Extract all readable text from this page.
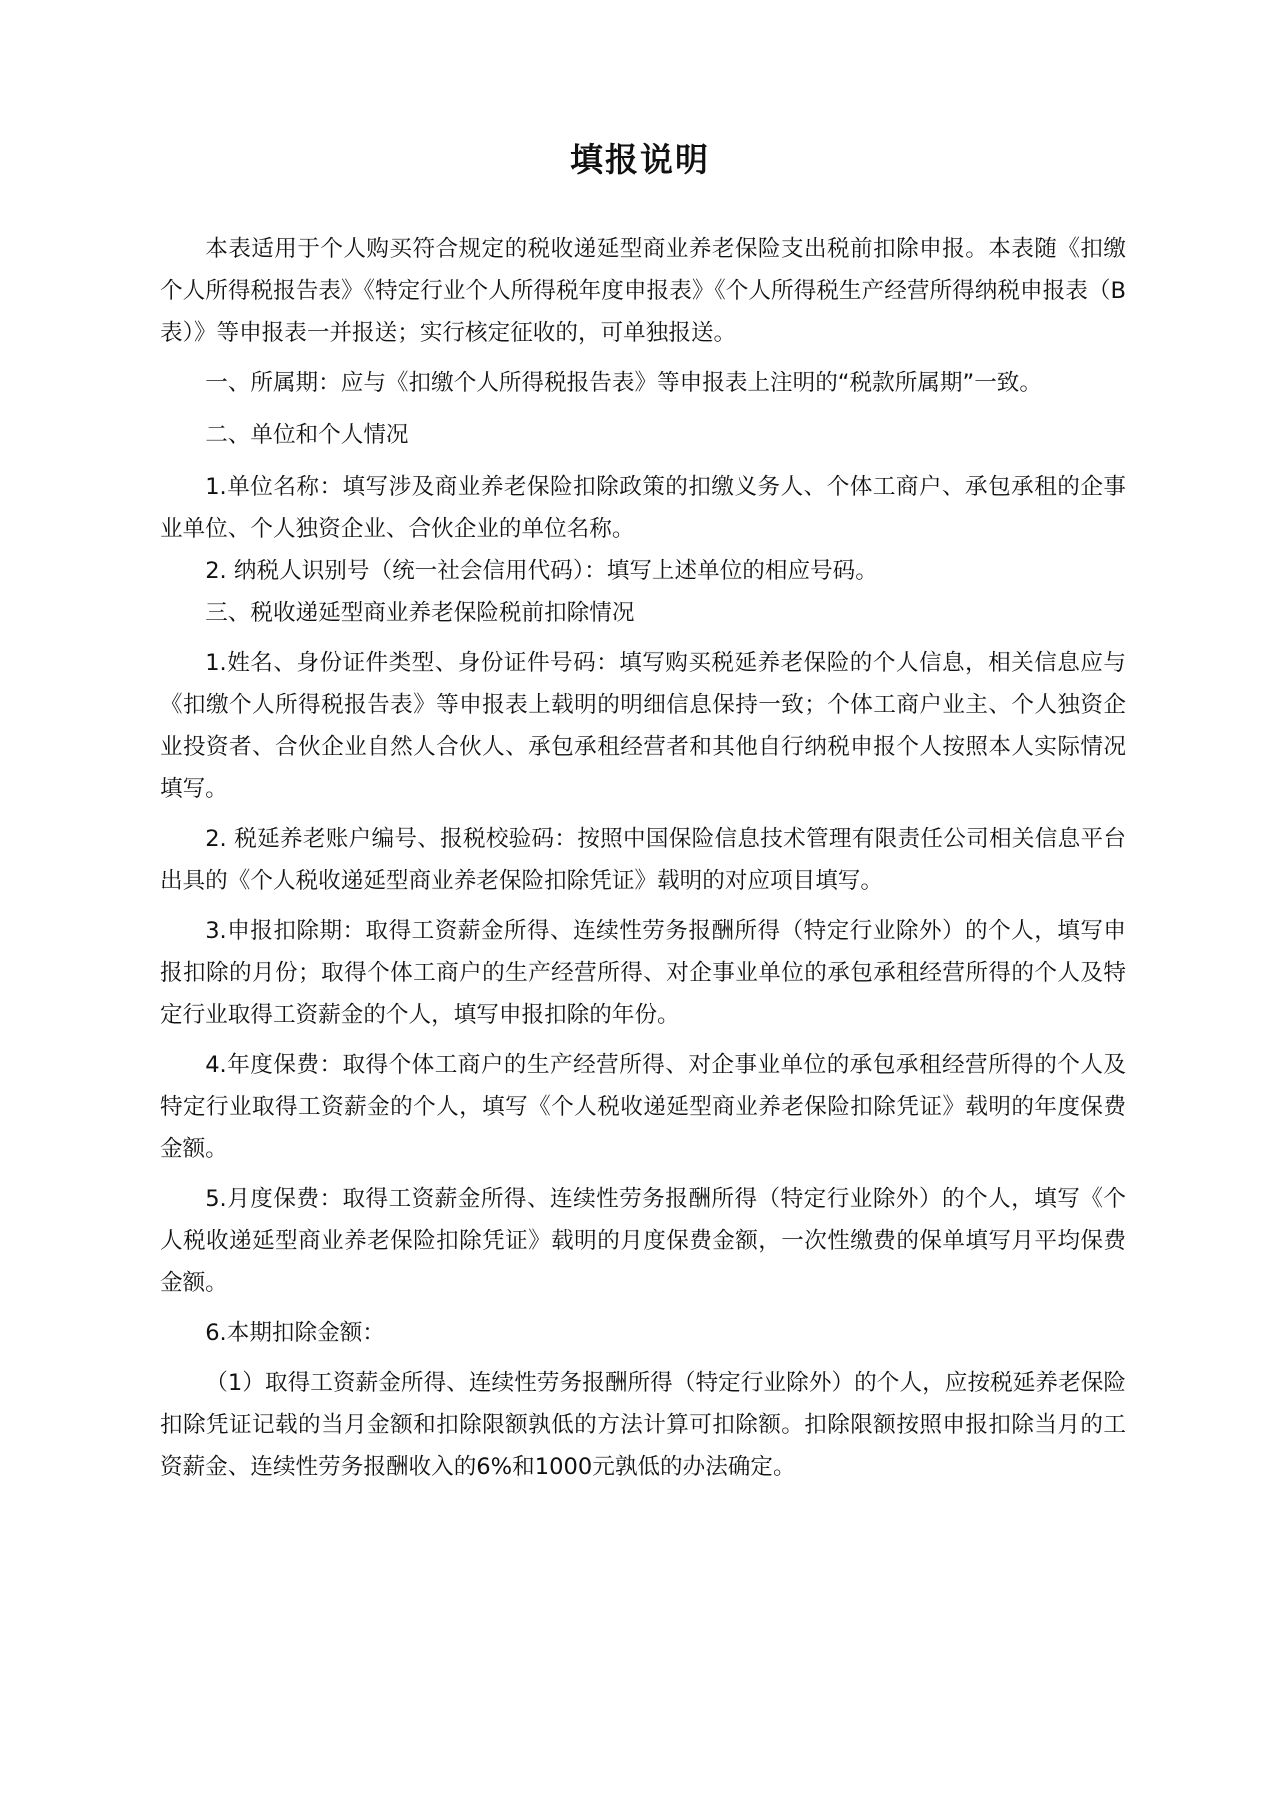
填报说明

本表适用于个人购买符合规定的税收递延型商业养老保险支出税前扣除申报。本表随《扣缴个人所得税报告表》《特定行业个人所得税年度申报表》《个人所得税生产经营所得纳税申报表（B表）》等申报表一并报送；实行核定征收的，可单独报送。

一、所属期：应与《扣缴个人所得税报告表》等申报表上注明的“税款所属期”一致。

二、单位和个人情况

1.单位名称：填写涉及商业养老保险扣除政策的扣缴义务人、个体工商户、承包承租的企事业单位、个人独资企业、合伙企业的单位名称。

2. 纳税人识别号（统一社会信用代码）：填写上述单位的相应号码。

三、税收递延型商业养老保险税前扣除情况

1.姓名、身份证件类型、身份证件号码：填写购买税延养老保险的个人信息，相关信息应与《扣缴个人所得税报告表》等申报表上载明的明细信息保持一致；个体工商户业主、个人独资企业投资者、合伙企业自然人合伙人、承包承租经营者和其他自行纳税申报个人按照本人实际情况填写。

2. 税延养老账户编号、报税校验码：按照中国保险信息技术管理有限责任公司相关信息平台出具的《个人税收递延型商业养老保险扣除凭证》载明的对应项目填写。

3.申报扣除期：取得工资薪金所得、连续性劳务报酬所得（特定行业除外）的个人，填写申报扣除的月份；取得个体工商户的生产经营所得、对企事业单位的承包承租经营所得的个人及特定行业取得工资薪金的个人，填写申报扣除的年份。

4.年度保费：取得个体工商户的生产经营所得、对企事业单位的承包承租经营所得的个人及特定行业取得工资薪金的个人，填写《个人税收递延型商业养老保险扣除凭证》载明的年度保费金额。

5.月度保费：取得工资薪金所得、连续性劳务报酬所得（特定行业除外）的个人，填写《个人税收递延型商业养老保险扣除凭证》载明的月度保费金额，一次性缴费的保单填写月平均保费金额。

6.本期扣除金额：

（1）取得工资薪金所得、连续性劳务报酬所得（特定行业除外）的个人，应按税延养老保险扣除凭证记载的当月金额和扣除限额孰低的方法计算可扣除额。扣除限额按照申报扣除当月的工资薪金、连续性劳务报酬收入的6%和1000元孰低的办法确定。
